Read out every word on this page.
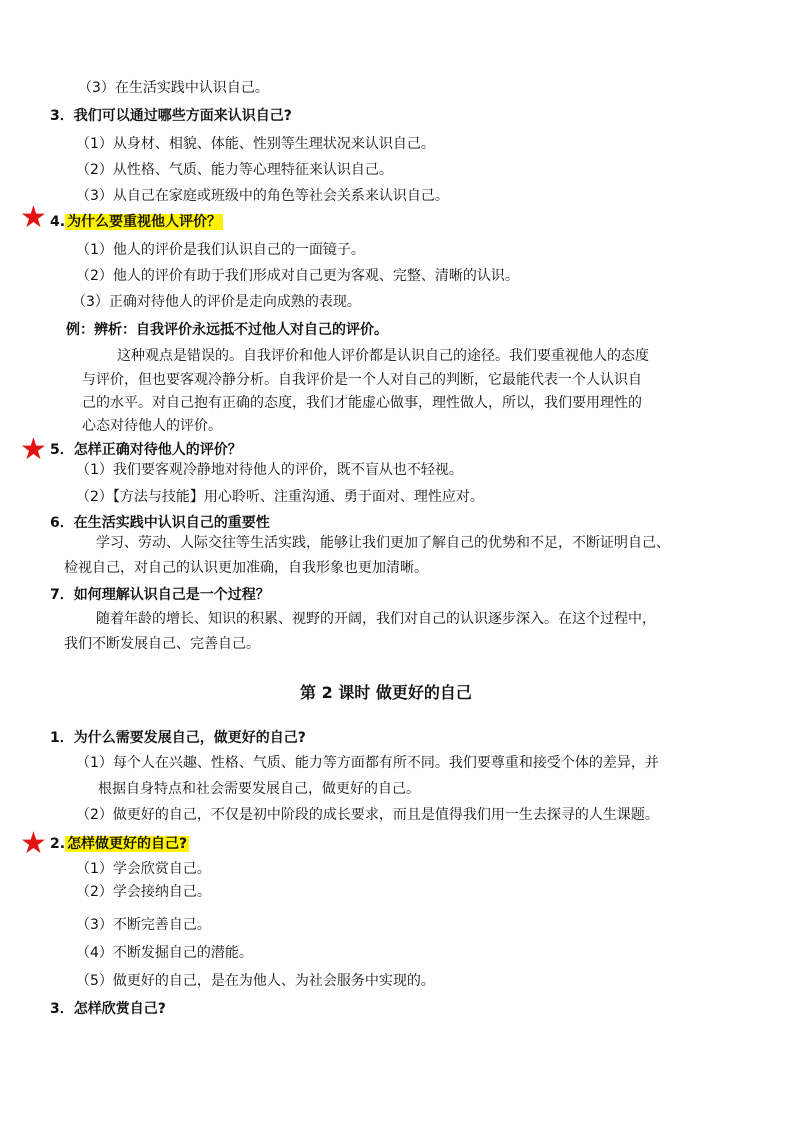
（3）在生活实践中认识自己。
3．我们可以通过哪些方面来认识自己?
（1）从身材、相貌、体能、性别等生理状况来认识自己。
（2）从性格、气质、能力等心理特征来认识自己。
（3）从自己在家庭或班级中的角色等社会关系来认识自己。
★ 4. 为什么要重视他人评价？
（1）他人的评价是我们认识自己的一面镜子。
（2）他人的评价有助于我们形成对自己更为客观、完整、清晰的认识。
（3）正确对待他人的评价是走向成熟的表现。
例：辨析：自我评价永远抵不过他人对自己的评价。
这种观点是错误的。自我评价和他人评价都是认识自己的途径。我们要重视他人的态度
与评价，但也要客观冷静分析。自我评价是一个人对自己的判断，它最能代表一个人认识自
己的水平。对自己抱有正确的态度，我们才能虚心做事，理性做人，所以，我们要用理性的
心态对待他人的评价。
★ 5．怎样正确对待他人的评价？
（1）我们要客观冷静地对待他人的评价，既不盲从也不轻视。
（2）【方法与技能】用心聆听、注重沟通、勇于面对、理性应对。
6．在生活实践中认识自己的重要性
学习、劳动、人际交往等生活实践，能够让我们更加了解自己的优势和不足，不断证明自己、
检视自己，对自己的认识更加准确，自我形象也更加清晰。
7．如何理解认识自己是一个过程？
随着年龄的增长、知识的积累、视野的开阔，我们对自己的认识逐步深入。在这个过程中，
我们不断发展自己、完善自己。
第 2 课时 做更好的自己
1．为什么需要发展自己，做更好的自己?
（1）每个人在兴趣、性格、气质、能力等方面都有所不同。我们要尊重和接受个体的差异，并
根据自身特点和社会需要发展自己，做更好的自己。
（2）做更好的自己，不仅是初中阶段的成长要求，而且是值得我们用一生去探寻的人生课题。
★ 2. 怎样做更好的自己?
（1）学会欣赏自己。
（2）学会接纳自己。
（3）不断完善自己。
（4）不断发掘自己的潜能。
（5）做更好的自己，是在为他人、为社会服务中实现的。
3．怎样欣赏自己?
